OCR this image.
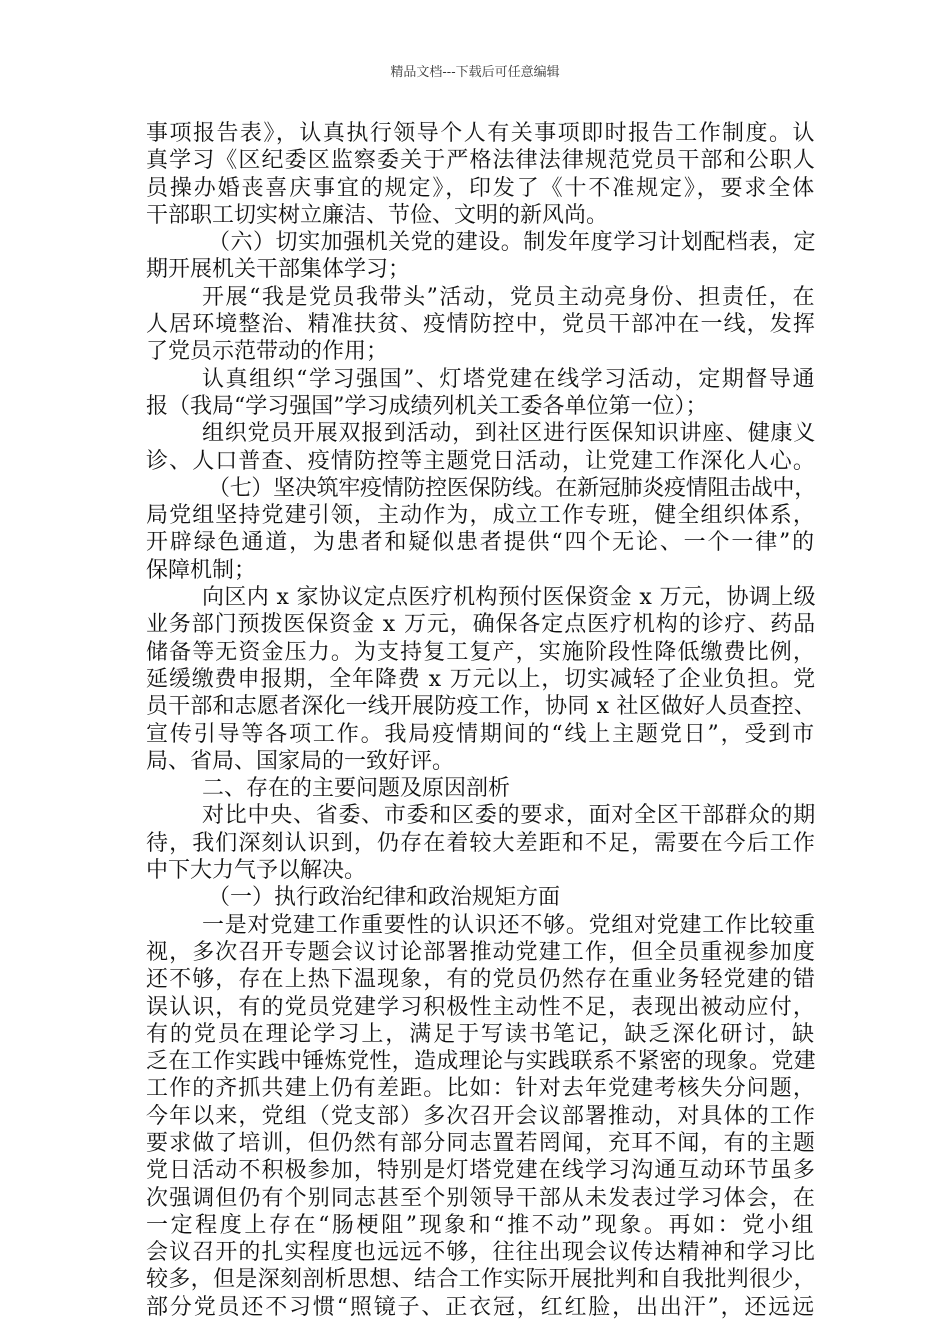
精品文档---下载后可任意编辑
事项报告表》，认真执行领导个人有关事项即时报告工作制度。认
真学习《区纪委区监察委关于严格法律法律规范党员干部和公职人
员操办婚丧喜庆事宜的规定》，印发了《十不准规定》，要求全体
干部职工切实树立廉洁、节俭、文明的新风尚。
（六）切实加强机关党的建设。制发年度学习计划配档表，定
期开展机关干部集体学习；
开展“我是党员我带头”活动，党员主动亮身份、担责任，在
人居环境整治、精准扶贫、疫情防控中，党员干部冲在一线，发挥
了党员示范带动的作用；
认真组织“学习强国”、灯塔党建在线学习活动，定期督导通
报（我局“学习强国”学习成绩列机关工委各单位第一位）；
组织党员开展双报到活动，到社区进行医保知识讲座、健康义
诊、人口普查、疫情防控等主题党日活动，让党建工作深化人心。
（七）坚决筑牢疫情防控医保防线。在新冠肺炎疫情阻击战中，
局党组坚持党建引领，主动作为，成立工作专班，健全组织体系，
开辟绿色通道，为患者和疑似患者提供“四个无论、一个一律”的
保障机制；
向区内 x 家协议定点医疗机构预付医保资金 x 万元，协调上级
业务部门预拨医保资金 x 万元，确保各定点医疗机构的诊疗、药品
储备等无资金压力。为支持复工复产，实施阶段性降低缴费比例，
延缓缴费申报期，全年降费 x 万元以上，切实减轻了企业负担。党
员干部和志愿者深化一线开展防疫工作，协同 x 社区做好人员查控、
宣传引导等各项工作。我局疫情期间的“线上主题党日”，受到市
局、省局、国家局的一致好评。
二、存在的主要问题及原因剖析
对比中央、省委、市委和区委的要求，面对全区干部群众的期
待，我们深刻认识到，仍存在着较大差距和不足，需要在今后工作
中下大力气予以解决。
（一）执行政治纪律和政治规矩方面
一是对党建工作重要性的认识还不够。党组对党建工作比较重
视，多次召开专题会议讨论部署推动党建工作，但全员重视参加度
还不够，存在上热下温现象，有的党员仍然存在重业务轻党建的错
误认识，有的党员党建学习积极性主动性不足，表现出被动应付，
有的党员在理论学习上，满足于写读书笔记，缺乏深化研讨，缺
乏在工作实践中锤炼党性，造成理论与实践联系不紧密的现象。党建
工作的齐抓共建上仍有差距。比如：针对去年党建考核失分问题，
今年以来，党组（党支部）多次召开会议部署推动，对具体的工作
要求做了培训，但仍然有部分同志置若罔闻，充耳不闻，有的主题
党日活动不积极参加，特别是灯塔党建在线学习沟通互动环节虽多
次强调但仍有个别同志甚至个别领导干部从未发表过学习体会，在
一定程度上存在“肠梗阻”现象和“推不动”现象。再如：党小组
会议召开的扎实程度也远远不够，往往出现会议传达精神和学习比
较多，但是深刻剖析思想、结合工作实际开展批判和自我批判很少，
部分党员还不习惯“照镜子、正衣冠，红红脸，出出汗”，还远远
